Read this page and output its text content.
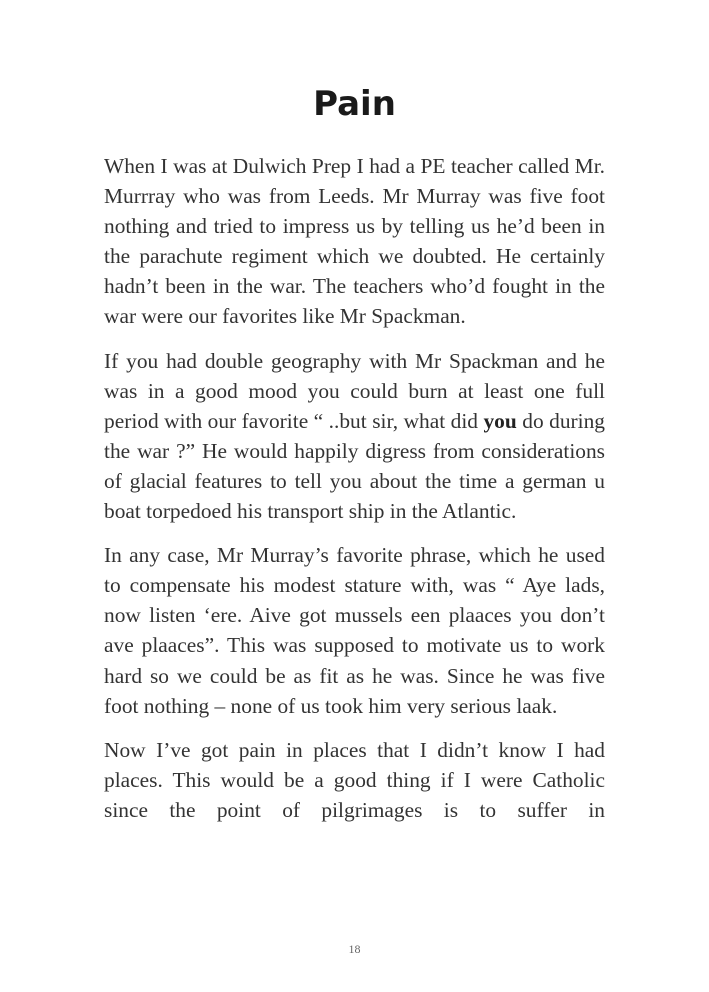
Pain

When I was at Dulwich Prep I had a PE teacher called Mr. Murrray who was from Leeds. Mr Murray was five foot nothing and tried to impress us by telling us he’d been in the parachute regiment which we doubted. He certainly hadn’t been in the war. The teachers who’d fought in the war were our favorites like Mr Spackman.

If you had double geography with Mr Spackman and he was in a good mood you could burn at least one full period with our favorite “ ..but sir, what did you do during the war ?” He would happily digress from considerations of glacial features to tell you about the time a german u boat torpedoed his transport ship in the Atlantic.

In any case, Mr Murray’s favorite phrase, which he used to compensate his modest stature with, was “ Aye lads, now listen ‘ere. Aive got mussels een plaaces you don’t ave plaaces”. This was supposed to motivate us to work hard so we could be as fit as he was. Since he was five foot nothing – none of us took him very serious laak.

Now I’ve got pain in places that I didn’t know I had places. This would be a good thing if I were Catholic since the point of pilgrimages is to suffer in

18
